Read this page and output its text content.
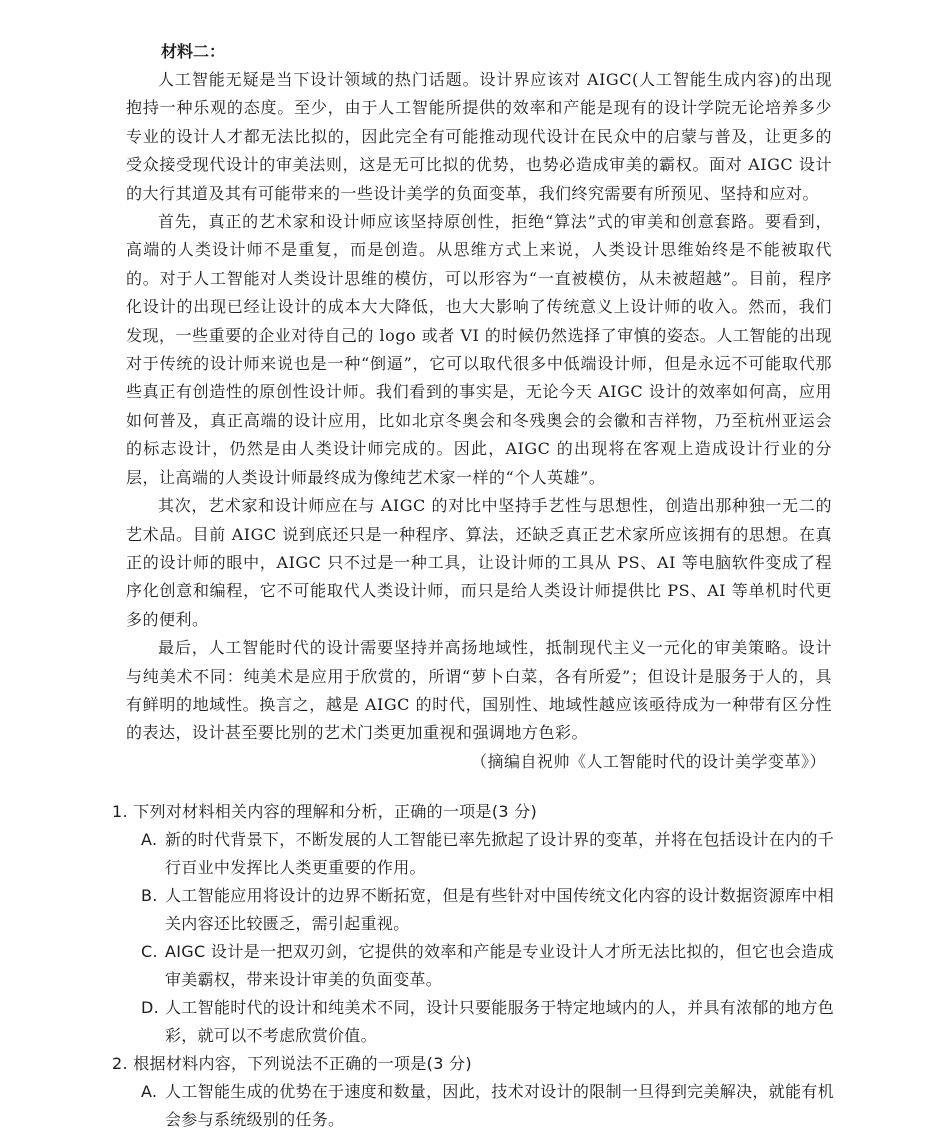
材料二：

人工智能无疑是当下设计领域的热门话题。设计界应该对 AIGC(人工智能生成内容)的出现抱持一种乐观的态度。至少，由于人工智能所提供的效率和产能是现有的设计学院无论培养多少专业的设计人才都无法比拟的，因此完全有可能推动现代设计在民众中的启蒙与普及，让更多的受众接受现代设计的审美法则，这是无可比拟的优势，也势必造成审美的霸权。面对 AIGC 设计的大行其道及其有可能带来的一些设计美学的负面变革，我们终究需要有所预见、坚持和应对。

首先，真正的艺术家和设计师应该坚持原创性，拒绝“算法”式的审美和创意套路。要看到，高端的人类设计师不是重复，而是创造。从思维方式上来说，人类设计思维始终是不能被取代的。对于人工智能对人类设计思维的模仿，可以形容为“一直被模仿，从未被超越”。目前，程序化设计的出现已经让设计的成本大大降低，也大大影响了传统意义上设计师的收入。然而，我们发现，一些重要的企业对待自己的 logo 或者 VI 的时候仍然选择了审慎的姿态。人工智能的出现对于传统的设计师来说也是一种“倒逼”，它可以取代很多中低端设计师，但是永远不可能取代那些真正有创造性的原创性设计师。我们看到的事实是，无论今天 AIGC 设计的效率如何高，应用如何普及，真正高端的设计应用，比如北京冬奥会和冬残奥会的会徽和吉祥物，乃至杭州亚运会的标志设计，仍然是由人类设计师完成的。因此，AIGC 的出现将在客观上造成设计行业的分层，让高端的人类设计师最终成为像纯艺术家一样的“个人英雄”。

其次，艺术家和设计师应在与 AIGC 的对比中坚持手艺性与思想性，创造出那种独一无二的艺术品。目前 AIGC 说到底还只是一种程序、算法，还缺乏真正艺术家所应该拥有的思想。在真正的设计师的眼中，AIGC 只不过是一种工具，让设计师的工具从 PS、AI 等电脑软件变成了程序化创意和编程，它不可能取代人类设计师，而只是给人类设计师提供比 PS、AI 等单机时代更多的便利。

最后，人工智能时代的设计需要坚持并高扬地域性，抵制现代主义一元化的审美策略。设计与纯美术不同：纯美术是应用于欣赏的，所谓“萝卜白菜，各有所爱”；但设计是服务于人的，具有鲜明的地域性。换言之，越是 AIGC 的时代，国别性、地域性越应该亟待成为一种带有区分性的表达，设计甚至要比别的艺术门类更加重视和强调地方色彩。

（摘编自祝帅《人工智能时代的设计美学变革》）

1. 下列对材料相关内容的理解和分析，正确的一项是(3 分)

A. 新的时代背景下，不断发展的人工智能已率先掀起了设计界的变革，并将在包括设计在内的千行百业中发挥比人类更重要的作用。
B. 人工智能应用将设计的边界不断拓宽，但是有些针对中国传统文化内容的设计数据资源库中相关内容还比较匮乏，需引起重视。
C. AIGC 设计是一把双刃剑，它提供的效率和产能是专业设计人才所无法比拟的，但它也会造成审美霸权，带来设计审美的负面变革。
D. 人工智能时代的设计和纯美术不同，设计只要能服务于特定地域内的人，并具有浓郁的地方色彩，就可以不考虑欣赏价值。

2. 根据材料内容，下列说法不正确的一项是(3 分)

A. 人工智能生成的优势在于速度和数量，因此，技术对设计的限制一旦得到完美解决，就能有机会参与系统级别的任务。
